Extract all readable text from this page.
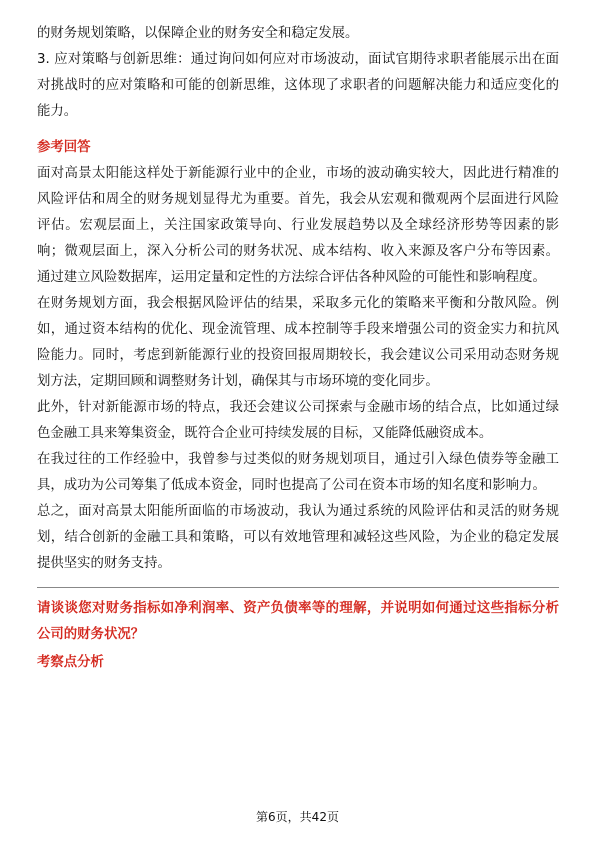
的财务规划策略，以保障企业的财务安全和稳定发展。

3. 应对策略与创新思维：通过询问如何应对市场波动，面试官期待求职者能展示出在面对挑战时的应对策略和可能的创新思维，这体现了求职者的问题解决能力和适应变化的能力。

参考回答

面对高景太阳能这样处于新能源行业中的企业，市场的波动确实较大，因此进行精准的风险评估和周全的财务规划显得尤为重要。首先，我会从宏观和微观两个层面进行风险评估。宏观层面上，关注国家政策导向、行业发展趋势以及全球经济形势等因素的影响；微观层面上，深入分析公司的财务状况、成本结构、收入来源及客户分布等因素。通过建立风险数据库，运用定量和定性的方法综合评估各种风险的可能性和影响程度。

在财务规划方面，我会根据风险评估的结果，采取多元化的策略来平衡和分散风险。例如，通过资本结构的优化、现金流管理、成本控制等手段来增强公司的资金实力和抗风险能力。同时，考虑到新能源行业的投资回报周期较长，我会建议公司采用动态财务规划方法，定期回顾和调整财务计划，确保其与市场环境的变化同步。

此外，针对新能源市场的特点，我还会建议公司探索与金融市场的结合点，比如通过绿色金融工具来筹集资金，既符合企业可持续发展的目标，又能降低融资成本。

在我过往的工作经验中，我曾参与过类似的财务规划项目，通过引入绿色债券等金融工具，成功为公司筹集了低成本资金，同时也提高了公司在资本市场的知名度和影响力。

总之，面对高景太阳能所面临的市场波动，我认为通过系统的风险评估和灵活的财务规划，结合创新的金融工具和策略，可以有效地管理和减轻这些风险，为企业的稳定发展提供坚实的财务支持。

请谈谈您对财务指标如净利润率、资产负债率等的理解，并说明如何通过这些指标分析公司的财务状况？

考察点分析

第6页，共42页
